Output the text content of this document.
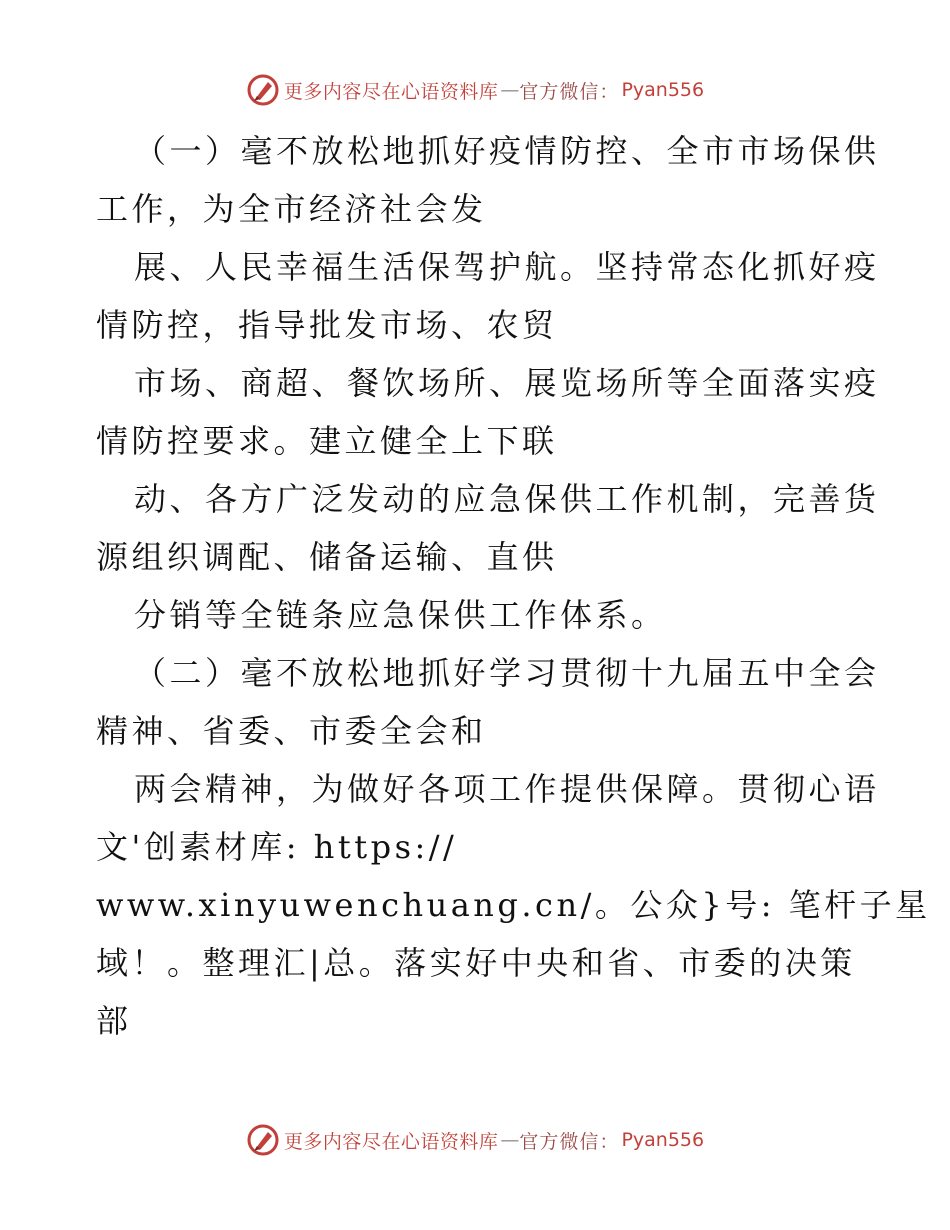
更多内容尽在心语资料库 — 官方微信： Pyan556
（一）毫不放松地抓好疫情防控、全市市场保供
工作，为全市经济社会发
展、人民幸福生活保驾护航。坚持常态化抓好疫
情防控，指导批发市场、农贸
市场、商超、餐饮场所、展览场所等全面落实疫
情防控要求。建立健全上下联
动、各方广泛发动的应急保供工作机制，完善货
源组织调配、储备运输、直供
分销等全链条应急保供工作体系。
（二）毫不放松地抓好学习贯彻十九届五中全会
精神、省委、市委全会和
两会精神，为做好各项工作提供保障。贯彻心语
文'创素材库: https://
www.xinyuwenchuang.cn/。公众}号: 笔杆子星
域！。整理汇|总。落实好中央和省、市委的决策
部
更多内容尽在心语资料库 — 官方微信： Pyan556
